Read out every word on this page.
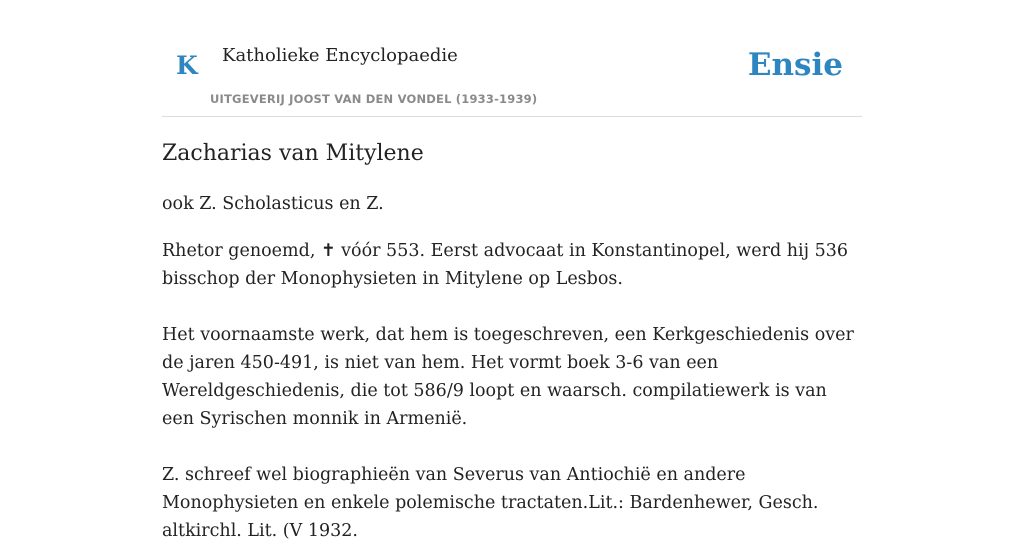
K Katholieke Encyclopaedie
UITGEVERIJ JOOST VAN DEN VONDEL (1933-1939)
Ensie
Zacharias van Mitylene

ook Z. Scholasticus en Z.

Rhetor genoemd, ✝ vóór 553. Eerst advocaat in Konstantinopel, werd hij 536 bisschop der Monophysieten in Mitylene op Lesbos.

Het voornaamste werk, dat hem is toegeschreven, een Kerkgeschiedenis over de jaren 450-491, is niet van hem. Het vormt boek 3-6 van een Wereldgeschiedenis, die tot 586/9 loopt en waarsch. compilatiewerk is van een Syrischen monnik in Armenië.

Z. schreef wel biographieën van Severus van Antiochië en andere Monophysieten en enkele polemische tractaten.Lit.: Bardenhewer, Gesch. altkirchl. Lit. (V 1932.
